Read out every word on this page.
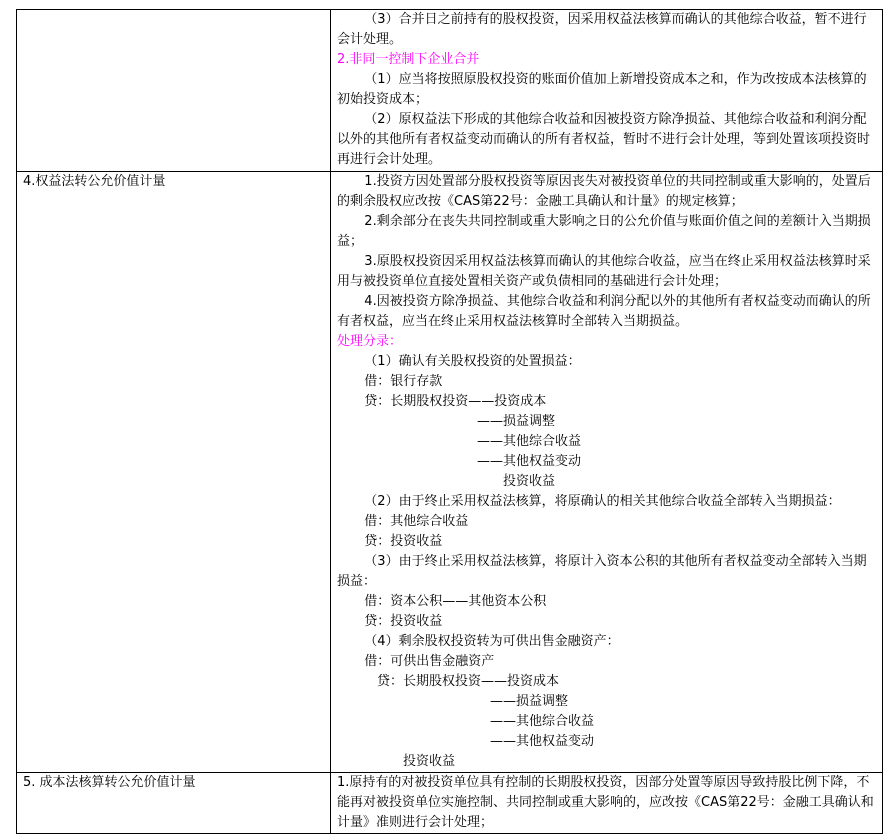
	（3）合并日之前持有的股权投资，因采用权益法核算而确认的其他综合收益，暂不进行会计处理。

2.非同一控制下企业合并

（1）应当将按照原股权投资的账面价值加上新增投资成本之和，作为改按成本法核算的初始投资成本；

（2）原权益法下形成的其他综合收益和因被投资方除净损益、其他综合收益和利润分配以外的其他所有者权益变动而确认的所有者权益，暂时不进行会计处理，等到处置该项投资时再进行会计处理。

4.权益法转公允价值计量	1.投资方因处置部分股权投资等原因丧失对被投资单位的共同控制或重大影响的，处置后的剩余股权应改按《CAS第22号：金融工具确认和计量》的规定核算；

2.剩余部分在丧失共同控制或重大影响之日的公允价值与账面价值之间的差额计入当期损益；

3.原股权投资因采用权益法核算而确认的其他综合收益，应当在终止采用权益法核算时采用与被投资单位直接处置相关资产或负债相同的基础进行会计处理；

4.因被投资方除净损益、其他综合收益和利润分配以外的其他所有者权益变动而确认的所有者权益，应当在终止采用权益法核算时全部转入当期损益。

处理分录：

（1）确认有关股权投资的处置损益：

借：银行存款

贷：长期股权投资——投资成本

——损益调整

——其他综合收益

——其他权益变动

投资收益

（2）由于终止采用权益法核算，将原确认的相关其他综合收益全部转入当期损益：

借：其他综合收益

贷：投资收益

（3）由于终止采用权益法核算，将原计入资本公积的其他所有者权益变动全部转入当期损益：

借：资本公积——其他资本公积

贷：投资收益

（4）剩余股权投资转为可供出售金融资产：

借：可供出售金融资产

贷：长期股权投资——投资成本

——损益调整

——其他综合收益

——其他权益变动

投资收益

5. 成本法核算转公允价值计量	1.原持有的对被投资单位具有控制的长期股权投资，因部分处置等原因导致持股比例下降，不能再对被投资单位实施控制、共同控制或重大影响的，应改按《CAS第22号：金融工具确认和计量》准则进行会计处理；
